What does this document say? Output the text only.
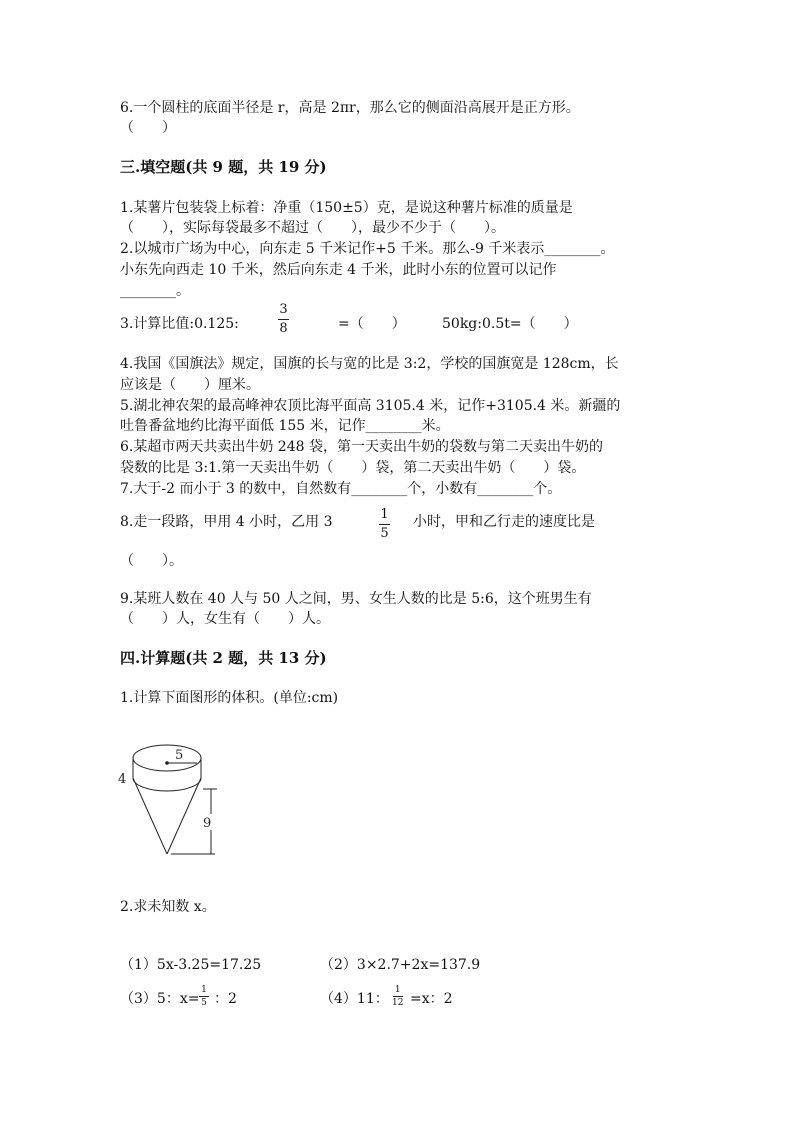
6.一个圆柱的底面半径是 r，高是 2πr，那么它的侧面沿高展开是正方形。
（　　）
三.填空题(共 9 题，共 19 分)
1.某薯片包装袋上标着：净重（150±5）克，是说这种薯片标准的质量是
（　　），实际每袋最多不超过（　　），最少不少于（　　）。
2.以城市广场为中心，向东走 5 千米记作+5 千米。那么-9 千米表示________。
小东先向西走 10 千米，然后向东走 4 千米，此时小东的位置可以记作
________。
3.计算比值:0.125:
3
8	=（　　）	50kg:0.5t=（　　）
4.我国《国旗法》规定，国旗的长与宽的比是 3:2，学校的国旗宽是 128cm，长
应该是（　　）厘米。
5.湖北神农架的最高峰神农顶比海平面高 3105.4 米，记作+3105.4 米。新疆的
吐鲁番盆地约比海平面低 155 米，记作________米。
6.某超市两天共卖出牛奶 248 袋，第一天卖出牛奶的袋数与第二天卖出牛奶的
袋数的比是 3:1.第一天卖出牛奶（　　）袋，第二天卖出牛奶（　　）袋。
7.大于-2 而小于 3 的数中，自然数有________个，小数有________个。
8.走一段路，甲用 4 小时，乙用 3	1
5
小时，甲和乙行走的速度比是
（　　）。
9.某班人数在 40 人与 50 人之间，男、女生人数的比是 5:6，这个班男生有
（　　）人，女生有（　　）人。
四.计算题(共 2 题，共 13 分)
1.计算下面图形的体积。(单位:cm)
5
4
9
2.求未知数 x。
（1）5x-3.25=17.25	（2）3×2.7+2x=137.9
（3）5：x=
1
5 ：2	（4）11：
1
12 =x：2
